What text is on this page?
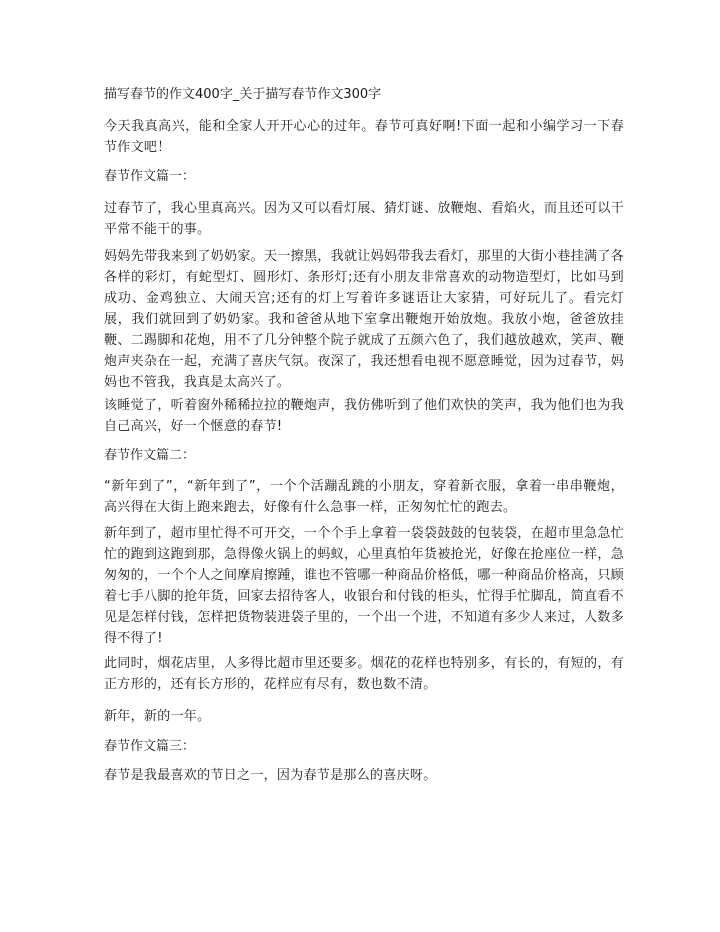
描写春节的作文400字_关于描写春节作文300字

今天我真高兴，能和全家人开开心心的过年。春节可真好啊!下面一起和小编学习一下春节作文吧！

春节作文篇一：

过春节了，我心里真高兴。因为又可以看灯展、猜灯谜、放鞭炮、看焰火，而且还可以干平常不能干的事。

妈妈先带我来到了奶奶家。天一擦黑，我就让妈妈带我去看灯，那里的大街小巷挂满了各各样的彩灯，有蛇型灯、圆形灯、条形灯;还有小朋友非常喜欢的动物造型灯，比如马到成功、金鸡独立、大闹天宫;还有的灯上写着许多谜语让大家猜，可好玩儿了。看完灯展，我们就回到了奶奶家。我和爸爸从地下室拿出鞭炮开始放炮。我放小炮，爸爸放挂鞭、二踢脚和花炮，用不了几分钟整个院子就成了五颜六色了，我们越放越欢，笑声、鞭炮声夹杂在一起，充满了喜庆气氛。夜深了，我还想看电视不愿意睡觉，因为过春节，妈妈也不管我，我真是太高兴了。

该睡觉了，听着窗外稀稀拉拉的鞭炮声，我仿佛听到了他们欢快的笑声，我为他们也为我自己高兴，好一个惬意的春节!

春节作文篇二：

“新年到了”，“新年到了”，一个个活蹦乱跳的小朋友，穿着新衣服，拿着一串串鞭炮，高兴得在大街上跑来跑去，好像有什么急事一样，正匆匆忙忙的跑去。

新年到了，超市里忙得不可开交，一个个手上拿着一袋袋鼓鼓的包装袋，在超市里急急忙忙的跑到这跑到那，急得像火锅上的蚂蚁，心里真怕年货被抢光，好像在抢座位一样，急匆匆的，一个个人之间摩肩擦踵，谁也不管哪一种商品价格低，哪一种商品价格高，只顾着七手八脚的抢年货，回家去招待客人，收银台和付钱的柜头，忙得手忙脚乱，简直看不见是怎样付钱，怎样把货物装进袋子里的，一个出一个进，不知道有多少人来过，人数多得不得了!

此同时，烟花店里，人多得比超市里还要多。烟花的花样也特别多，有长的，有短的，有正方形的，还有长方形的，花样应有尽有，数也数不清。

新年，新的一年。

春节作文篇三：

春节是我最喜欢的节日之一，因为春节是那么的喜庆呀。
